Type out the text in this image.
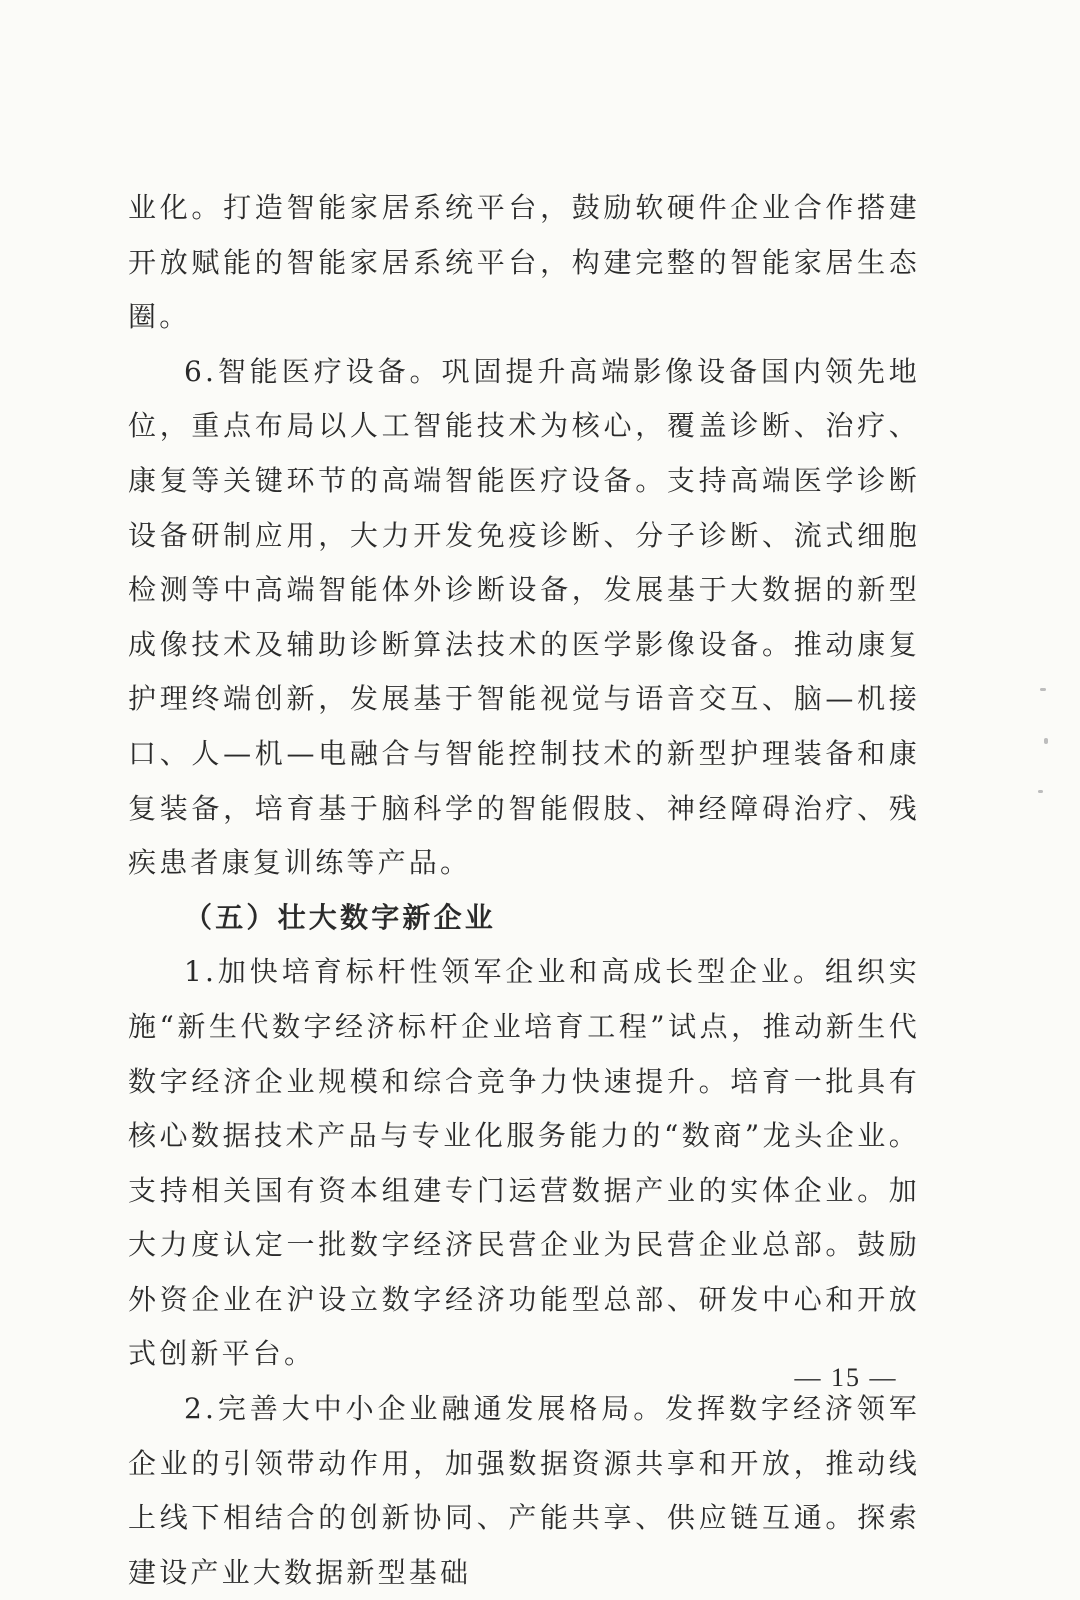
业化。打造智能家居系统平台，鼓励软硬件企业合作搭建开放赋能的智能家居系统平台，构建完整的智能家居生态圈。

6.智能医疗设备。巩固提升高端影像设备国内领先地位，重点布局以人工智能技术为核心，覆盖诊断、治疗、康复等关键环节的高端智能医疗设备。支持高端医学诊断设备研制应用，大力开发免疫诊断、分子诊断、流式细胞检测等中高端智能体外诊断设备，发展基于大数据的新型成像技术及辅助诊断算法技术的医学影像设备。推动康复护理终端创新，发展基于智能视觉与语音交互、脑—机接口、人—机—电融合与智能控制技术的新型护理装备和康复装备，培育基于脑科学的智能假肢、神经障碍治疗、残疾患者康复训练等产品。

（五）壮大数字新企业

1.加快培育标杆性领军企业和高成长型企业。组织实施“新生代数字经济标杆企业培育工程”试点，推动新生代数字经济企业规模和综合竞争力快速提升。培育一批具有核心数据技术产品与专业化服务能力的“数商”龙头企业。支持相关国有资本组建专门运营数据产业的实体企业。加大力度认定一批数字经济民营企业为民营企业总部。鼓励外资企业在沪设立数字经济功能型总部、研发中心和开放式创新平台。

2.完善大中小企业融通发展格局。发挥数字经济领军企业的引领带动作用，加强数据资源共享和开放，推动线上线下相结合的创新协同、产能共享、供应链互通。探索建设产业大数据新型基础

— 15 —
